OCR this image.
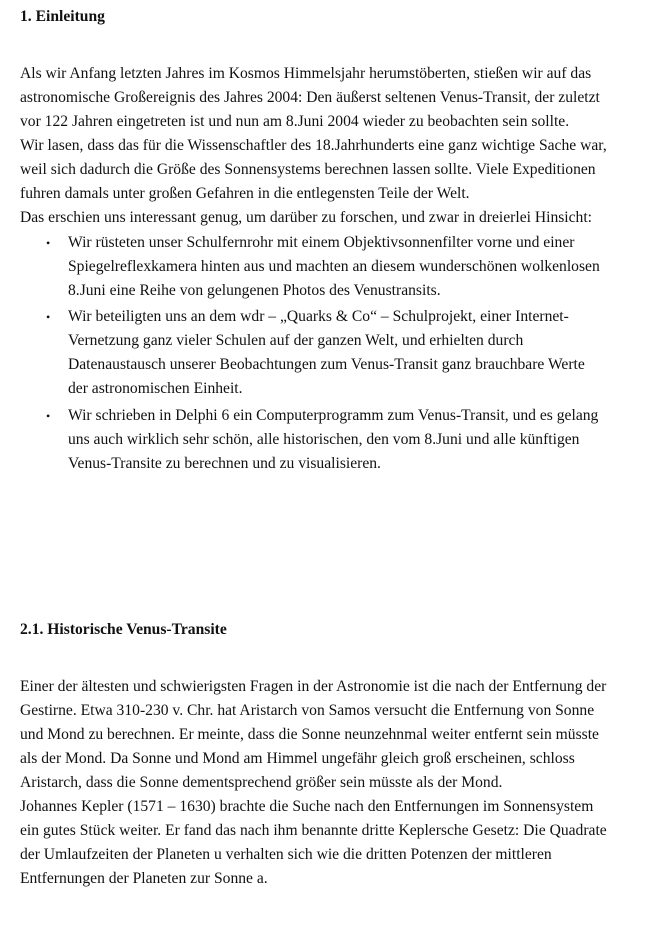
1. Einleitung
Als wir Anfang letzten Jahres im Kosmos Himmelsjahr herumstöberten, stießen wir auf das
astronomische Großereignis des Jahres 2004: Den äußerst seltenen Venus-Transit, der zuletzt
vor 122 Jahren eingetreten ist und nun am 8.Juni 2004 wieder zu beobachten sein sollte.
Wir lasen, dass das für die Wissenschaftler des 18.Jahrhunderts eine ganz wichtige Sache war,
weil sich dadurch die Größe des Sonnensystems berechnen lassen sollte. Viele Expeditionen
fuhren damals unter großen Gefahren in die entlegensten Teile der Welt.
Das erschien uns interessant genug, um darüber zu forschen, und zwar in dreierlei Hinsicht:
• Wir rüsteten unser Schulfernrohr mit einem Objektivsonnenfilter vorne und einer
Spiegelreflexkamera hinten aus und machten an diesem wunderschönen wolkenlosen
8.Juni eine Reihe von gelungenen Photos des Venustransits.
• Wir beteiligten uns an dem wdr – „Quarks & Co“ – Schulprojekt, einer Internet-
Vernetzung ganz vieler Schulen auf der ganzen Welt, und erhielten durch
Datenaustausch unserer Beobachtungen zum Venus-Transit ganz brauchbare Werte
der astronomischen Einheit.
• Wir schrieben in Delphi 6 ein Computerprogramm zum Venus-Transit, und es gelang
uns auch wirklich sehr schön, alle historischen, den vom 8.Juni und alle künftigen
Venus-Transite zu berechnen und zu visualisieren.
2.1. Historische Venus-Transite
Einer der ältesten und schwierigsten Fragen in der Astronomie ist die nach der Entfernung der
Gestirne. Etwa 310-230 v. Chr. hat Aristarch von Samos versucht die Entfernung von Sonne
und Mond zu berechnen. Er meinte, dass die Sonne neunzehnmal weiter entfernt sein müsste
als der Mond. Da Sonne und Mond am Himmel ungefähr gleich groß erscheinen, schloss
Aristarch, dass die Sonne dementsprechend größer sein müsste als der Mond.
Johannes Kepler (1571 – 1630) brachte die Suche nach den Entfernungen im Sonnensystem
ein gutes Stück weiter. Er fand das nach ihm benannte dritte Keplersche Gesetz: Die Quadrate
der Umlaufzeiten der Planeten u verhalten sich wie die dritten Potenzen der mittleren
Entfernungen der Planeten zur Sonne a.
